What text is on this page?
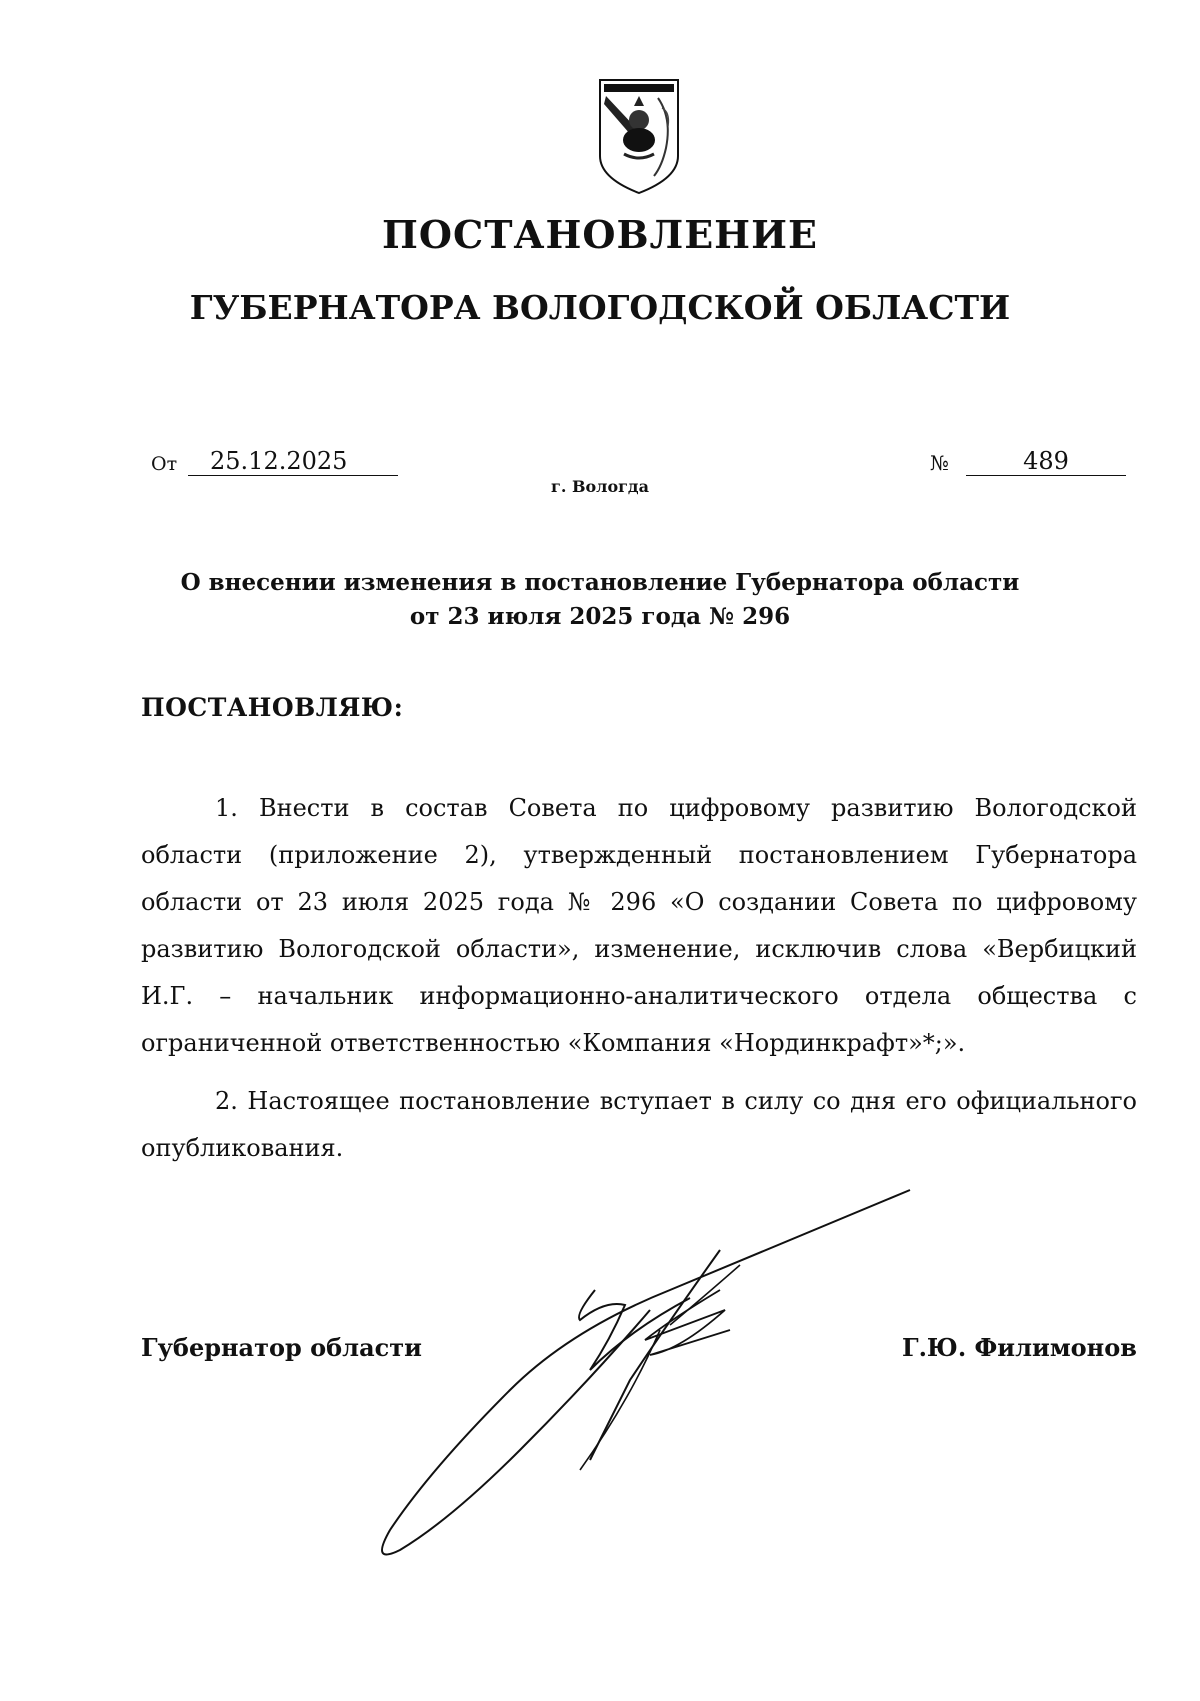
ПОСТАНОВЛЕНИЕ
ГУБЕРНАТОРА ВОЛОГОДСКОЙ ОБЛАСТИ
От	25.12.2025
г. Вологда
№	489
О внесении изменения в постановление Губернатора области
от 23 июля 2025 года № 296
ПОСТАНОВЛЯЮ:

1. Внести в состав Совета по цифровому развитию Вологодской области (приложение 2), утвержденный постановлением Губернатора области от 23 июля 2025 года № 296 «О создании Совета по цифровому развитию Вологодской области», изменение, исключив слова «Вербицкий И.Г. – начальник информационно-аналитического отдела общества с ограниченной ответственностью «Компания «Нординкрафт»*;».

2. Настоящее постановление вступает в силу со дня его официального опубликования.

Губернатор области	Г.Ю. Филимонов
